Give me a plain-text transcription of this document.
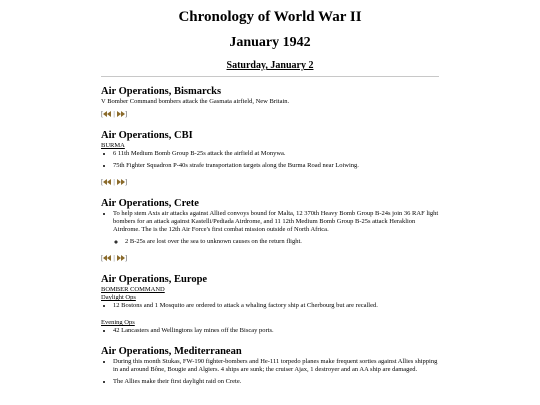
Chronology of World War II
January 1942
Saturday, January 2
Air Operations, Bismarcks
V Bomber Command bombers attack the Gasmata airfield, New Britain.
[ | ]
Air Operations, CBI
BURMA
• 6 11th Medium Bomb Group B-25s attack the airfield at Monywa.
• 75th Fighter Squadron P-40s strafe transportation targets along the Burma Road near Loiwing.
[ | ]
Air Operations, Crete
• To help stem Axis air attacks against Allied convoys bound for Malta, 12 370th Heavy Bomb Group B-24s join 36 RAF light bombers for an attack against Kastelli/Pediada Airdrome, and 11 12th Medium Bomb Group B-25s attack Heraklion Airdrome. The is the 12th Air Force's first combat mission outside of North Africa.
◦ 2 B-25s are lost over the sea to unknown causes on the return flight.
[ | ]
Air Operations, Europe
BOMBER COMMAND
Daylight Ops
• 12 Bostons and 1 Mosquito are ordered to attack a whaling factory ship at Cherbourg but are recalled.
Evening Ops
• 42 Lancasters and Wellingtons lay mines off the Biscay ports.
Air Operations, Mediterranean
• During this month Stukas, FW-190 fighter-bombers and He-111 torpedo planes make frequent sorties against Allies shipping in and around Bône, Bougie and Algiers. 4 ships are sunk; the cruiser Ajax, 1 destroyer and an AA ship are damaged.
• The Allies make their first daylight raid on Crete.
